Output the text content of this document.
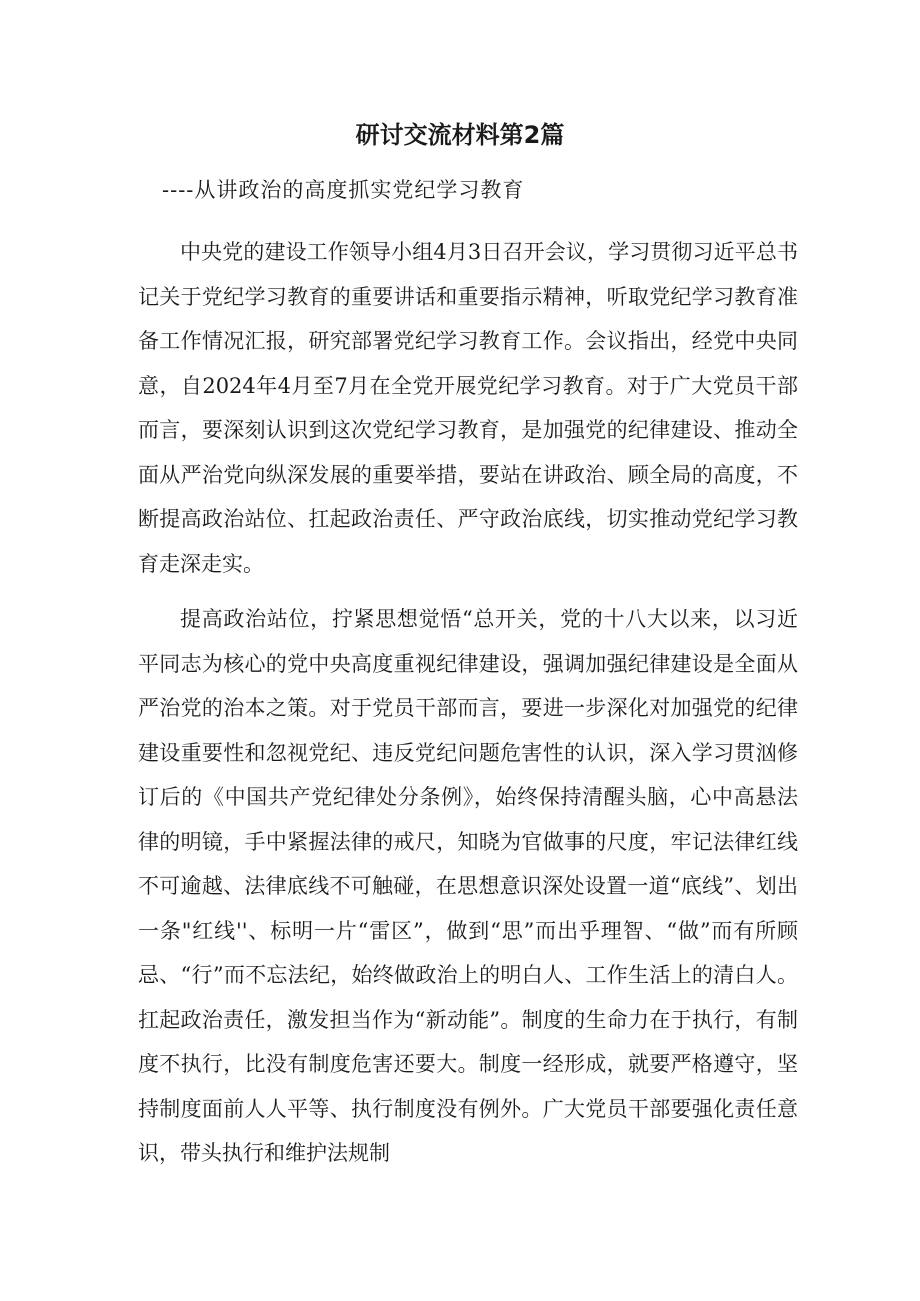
研讨交流材料第2篇

----从讲政治的高度抓实党纪学习教育

中央党的建设工作领导小组4月3日召开会议，学习贯彻习近平总书记关于党纪学习教育的重要讲话和重要指示精神，听取党纪学习教育准备工作情况汇报，研究部署党纪学习教育工作。会议指出，经党中央同意，自2024年4月至7月在全党开展党纪学习教育。对于广大党员干部而言，要深刻认识到这次党纪学习教育，是加强党的纪律建设、推动全面从严治党向纵深发展的重要举措，要站在讲政治、顾全局的高度，不断提高政治站位、扛起政治责任、严守政治底线，切实推动党纪学习教育走深走实。

提高政治站位，拧紧思想觉悟“总开关，党的十八大以来，以习近平同志为核心的党中央高度重视纪律建设，强调加强纪律建设是全面从严治党的治本之策。对于党员干部而言，要进一步深化对加强党的纪律建设重要性和忽视党纪、违反党纪问题危害性的认识，深入学习贯汹修订后的《中国共产党纪律处分条例》，始终保持清醒头脑，心中高悬法律的明镜，手中紧握法律的戒尺，知晓为官做事的尺度，牢记法律红线不可逾越、法律底线不可触碰，在思想意识深处设置一道“底线”、划出一条"红线''、标明一片“雷区”，做到“思”而出乎理智、“做”而有所顾忌、“行”而不忘法纪，始终做政治上的明白人、工作生活上的清白人。扛起政治责任，激发担当作为“新动能”。制度的生命力在于执行，有制度不执行，比没有制度危害还要大。制度一经形成，就要严格遵守，坚持制度面前人人平等、执行制度没有例外。广大党员干部要强化责任意识，带头执行和维护法规制
